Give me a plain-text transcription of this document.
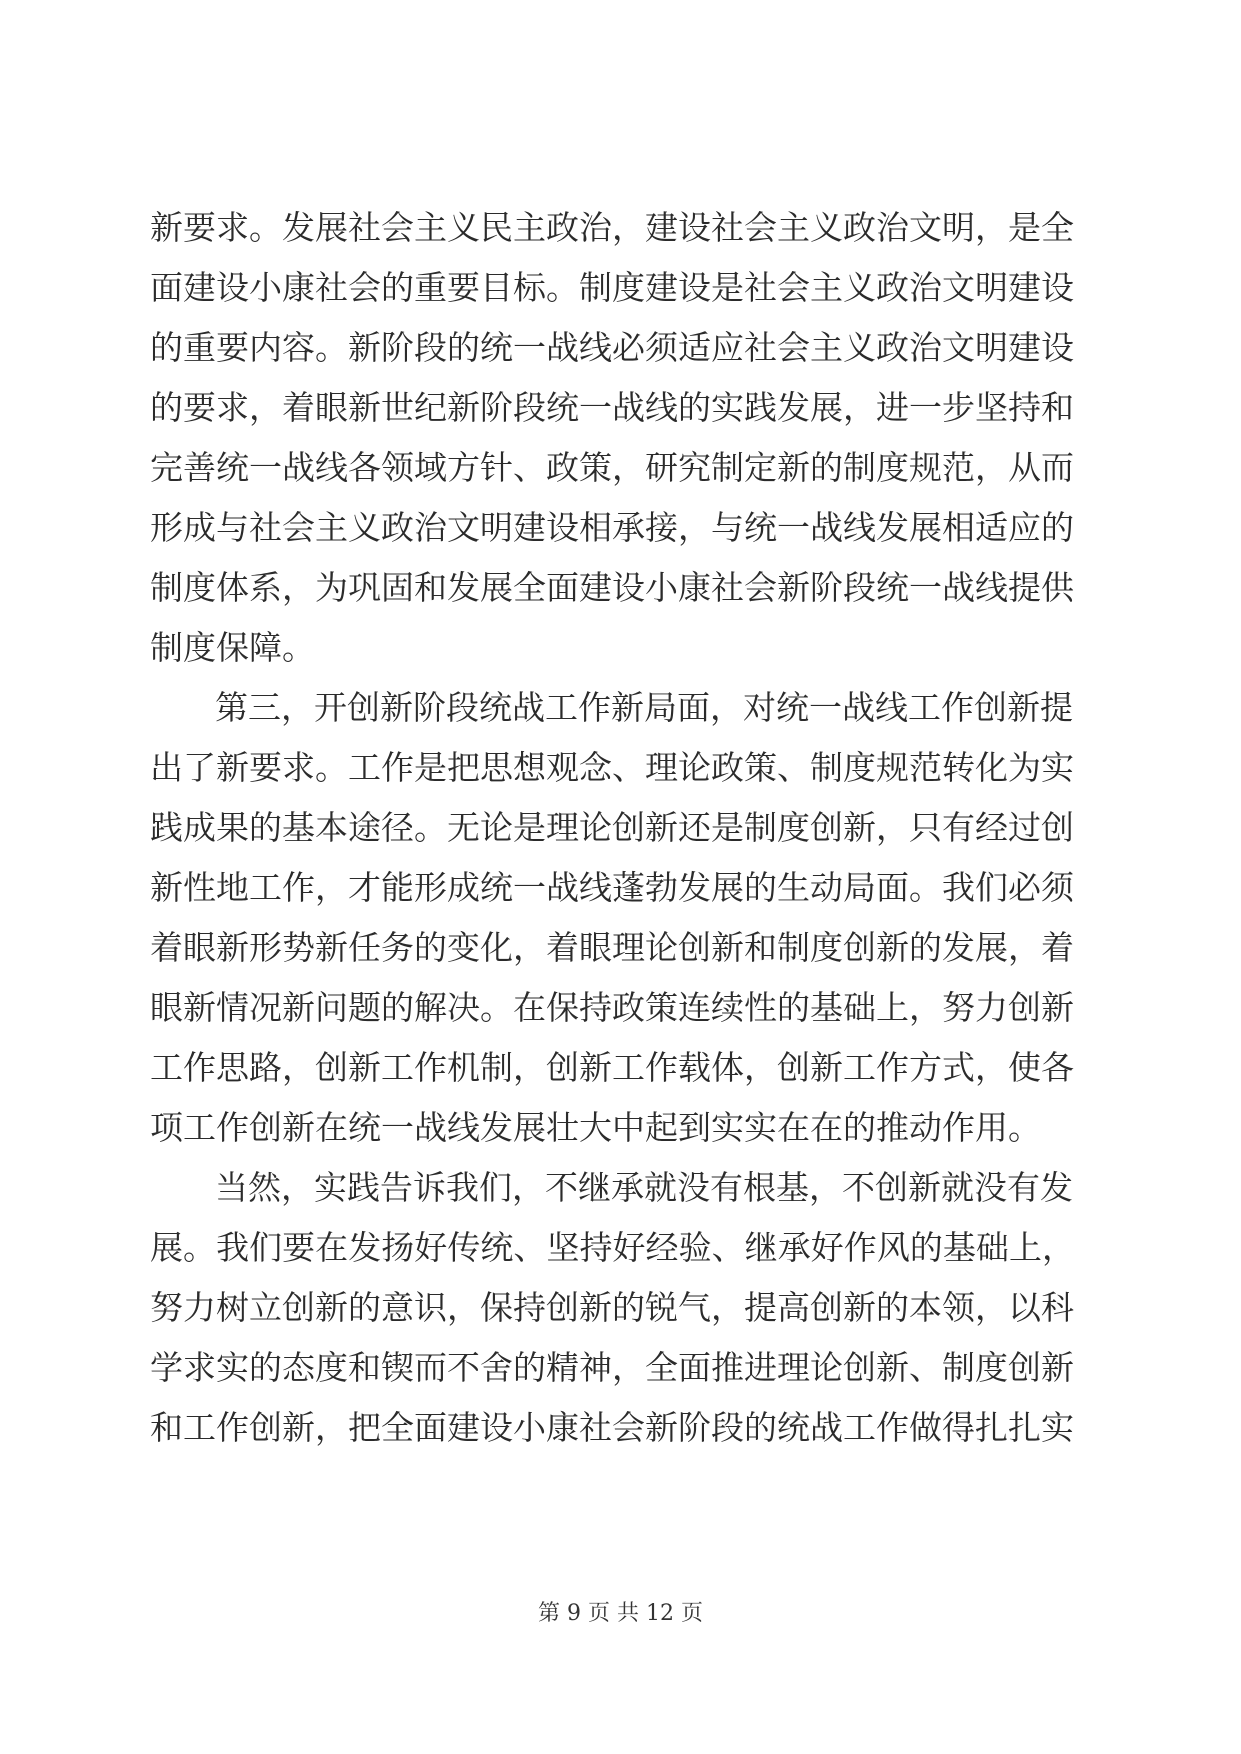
新要求。发展社会主义民主政治，建设社会主义政治文明，是全
面建设小康社会的重要目标。制度建设是社会主义政治文明建设
的重要内容。新阶段的统一战线必须适应社会主义政治文明建设
的要求，着眼新世纪新阶段统一战线的实践发展，进一步坚持和
完善统一战线各领域方针、政策，研究制定新的制度规范，从而
形成与社会主义政治文明建设相承接，与统一战线发展相适应的
制度体系，为巩固和发展全面建设小康社会新阶段统一战线提供
制度保障。
第三，开创新阶段统战工作新局面，对统一战线工作创新提
出了新要求。工作是把思想观念、理论政策、制度规范转化为实
践成果的基本途径。无论是理论创新还是制度创新，只有经过创
新性地工作，才能形成统一战线蓬勃发展的生动局面。我们必须
着眼新形势新任务的变化，着眼理论创新和制度创新的发展，着
眼新情况新问题的解决。在保持政策连续性的基础上，努力创新
工作思路，创新工作机制，创新工作载体，创新工作方式，使各
项工作创新在统一战线发展壮大中起到实实在在的推动作用。
当然，实践告诉我们，不继承就没有根基，不创新就没有发
展。我们要在发扬好传统、坚持好经验、继承好作风的基础上，
努力树立创新的意识，保持创新的锐气，提高创新的本领，以科
学求实的态度和锲而不舍的精神，全面推进理论创新、制度创新
和工作创新，把全面建设小康社会新阶段的统战工作做得扎扎实
第 9 页 共 12 页
